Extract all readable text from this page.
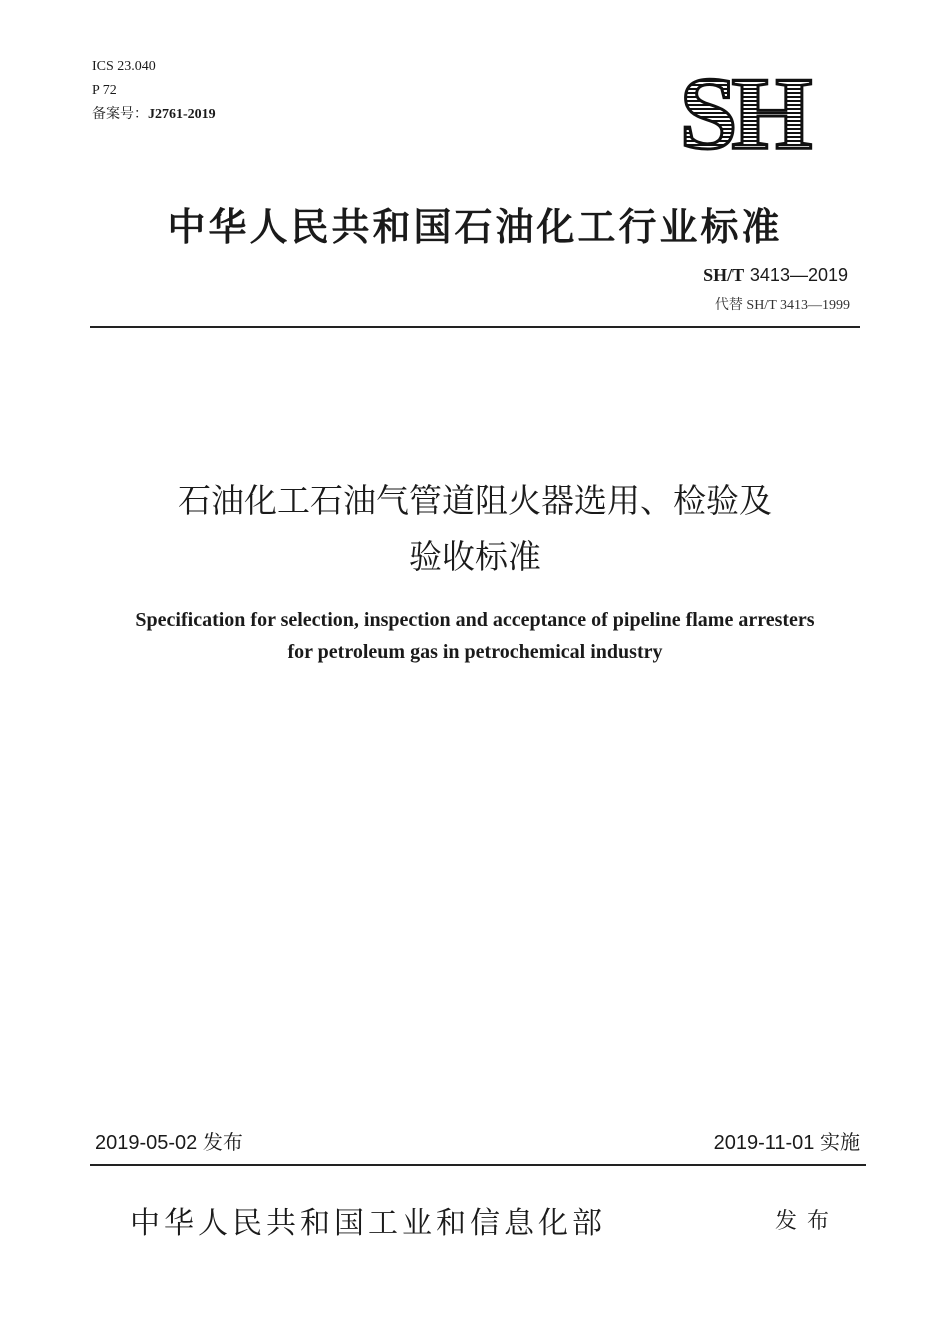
ICS 23.040
P 72
备案号：J2761-2019	SH
中华人民共和国石油化工行业标准
SH/T 3413—2019
代替 SH/T 3413—1999
石油化工石油气管道阻火器选用、检验及
验收标准
Specification for selection, inspection and acceptance of pipeline flame arresters
for petroleum gas in petrochemical industry
2019-05-02 发布	2019-11-01 实施
中华人民共和国工业和信息化部	发布
